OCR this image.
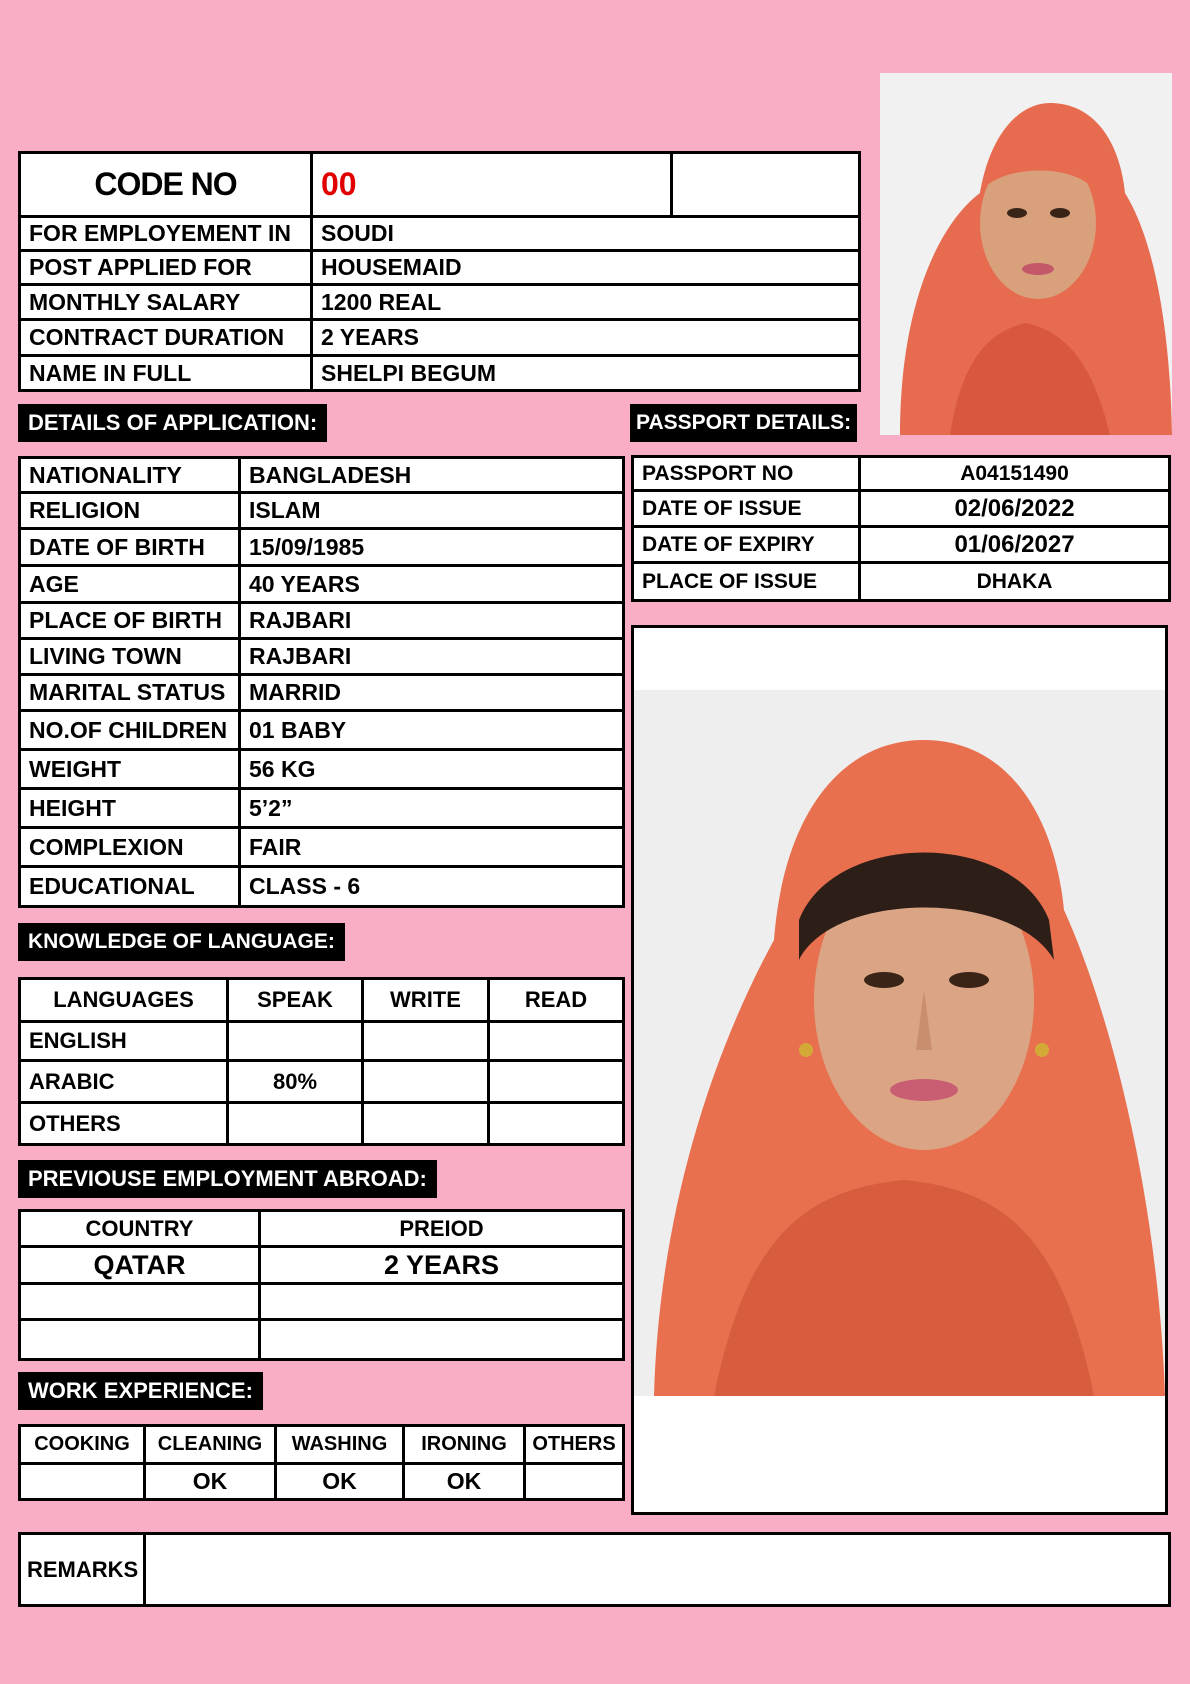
CODE NO	00	
FOR EMPLOYEMENT IN	SOUDI	
POST APPLIED FOR	HOUSEMAID	
MONTHLY SALARY	1200 REAL	
CONTRACT DURATION	2 YEARS	
NAME IN FULL	SHELPI BEGUM	
DETAILS OF APPLICATION:
NATIONALITY	BANGLADESH
RELIGION	ISLAM
DATE OF BIRTH	15/09/1985
AGE	40 YEARS
PLACE OF BIRTH	RAJBARI
LIVING TOWN	RAJBARI
MARITAL STATUS	MARRID
NO.OF CHILDREN	01 BABY
WEIGHT	56 KG
HEIGHT	5’2”
COMPLEXION	FAIR
EDUCATIONAL	CLASS - 6
PASSPORT DETAILS:
PASSPORT NO	A04151490
DATE OF ISSUE	02/06/2022
DATE OF EXPIRY	01/06/2027
PLACE OF ISSUE	DHAKA
KNOWLEDGE OF LANGUAGE:
LANGUAGES	SPEAK	WRITE	READ
ENGLISH			
ARABIC	80%		
OTHERS			
PREVIOUSE EMPLOYMENT ABROAD:
COUNTRY	PREIOD
QATAR	2 YEARS

WORK EXPERIENCE:
COOKING	CLEANING	WASHING	IRONING	OTHERS
	OK	OK	OK	
REMARKS	
